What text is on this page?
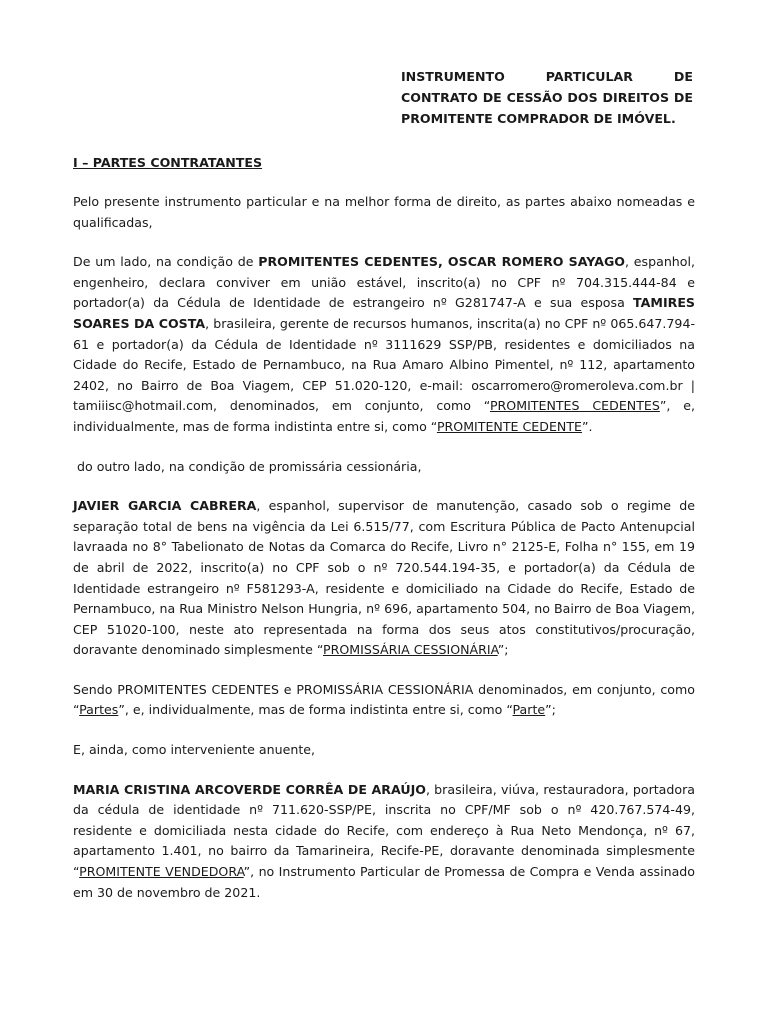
INSTRUMENTO PARTICULAR DE CONTRATO DE CESSÃO DOS DIREITOS DE PROMITENTE COMPRADOR DE IMÓVEL.
I – PARTES CONTRATANTES

Pelo presente instrumento particular e na melhor forma de direito, as partes abaixo nomeadas e qualificadas,

De um lado, na condição de PROMITENTES CEDENTES, OSCAR ROMERO SAYAGO, espanhol, engenheiro, declara conviver em união estável, inscrito(a) no CPF nº 704.315.444-84 e portador(a) da Cédula de Identidade de estrangeiro nº G281747-A e sua esposa TAMIRES SOARES DA COSTA, brasileira, gerente de recursos humanos, inscrita(a) no CPF nº 065.647.794-61 e portador(a) da Cédula de Identidade nº 3111629 SSP/PB, residentes e domiciliados na Cidade do Recife, Estado de Pernambuco, na Rua Amaro Albino Pimentel, nº 112, apartamento 2402, no Bairro de Boa Viagem, CEP 51.020-120, e-mail: oscarromero@romeroleva.com.br | tamiiisc@hotmail.com, denominados, em conjunto, como “PROMITENTES CEDENTES”, e, individualmente, mas de forma indistinta entre si, como “PROMITENTE CEDENTE”.

do outro lado, na condição de promissária cessionária,

JAVIER GARCIA CABRERA, espanhol, supervisor de manutenção, casado sob o regime de separação total de bens na vigência da Lei 6.515/77, com Escritura Pública de Pacto Antenupcial lavraada no 8° Tabelionato de Notas da Comarca do Recife, Livro n° 2125-E, Folha n° 155, em 19 de abril de 2022, inscrito(a) no CPF sob o nº 720.544.194-35, e portador(a) da Cédula de Identidade estrangeiro nº F581293-A, residente e domiciliado na Cidade do Recife, Estado de Pernambuco, na Rua Ministro Nelson Hungria, nº 696, apartamento 504, no Bairro de Boa Viagem, CEP 51020-100, neste ato representada na forma dos seus atos constitutivos/procuração, doravante denominado simplesmente “PROMISSÁRIA CESSIONÁRIA”;

Sendo PROMITENTES CEDENTES e PROMISSÁRIA CESSIONÁRIA denominados, em conjunto, como “Partes”, e, individualmente, mas de forma indistinta entre si, como “Parte”;

E, ainda, como interveniente anuente,

MARIA CRISTINA ARCOVERDE CORRÊA DE ARAÚJO, brasileira, viúva, restauradora, portadora da cédula de identidade nº 711.620-SSP/PE, inscrita no CPF/MF sob o nº 420.767.574-49, residente e domiciliada nesta cidade do Recife, com endereço à Rua Neto Mendonça, nº 67, apartamento 1.401, no bairro da Tamarineira, Recife-PE, doravante denominada simplesmente “PROMITENTE VENDEDORA”, no Instrumento Particular de Promessa de Compra e Venda assinado em 30 de novembro de 2021.
